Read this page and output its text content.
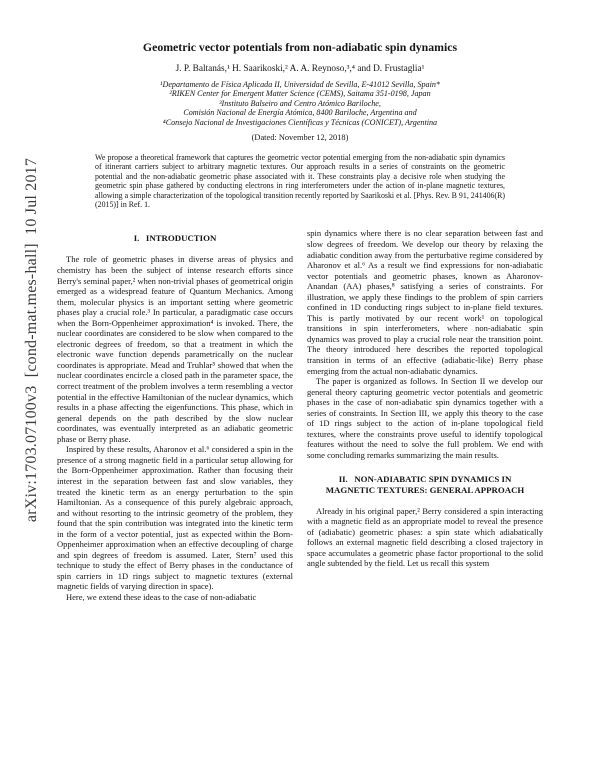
arXiv:1703.07100v3  [cond-mat.mes-hall]  10 Jul 2017
Geometric vector potentials from non-adiabatic spin dynamics
J. P. Baltanás,¹ H. Saarikoski,² A. A. Reynoso,³,⁴ and D. Frustaglia¹
¹Departamento de Física Aplicada II, Universidad de Sevilla, E-41012 Sevilla, Spain*
²RIKEN Center for Emergent Matter Science (CEMS), Saitama 351-0198, Japan
³Instituto Balseiro and Centro Atómico Bariloche,
Comisión Nacional de Energía Atómica, 8400 Bariloche, Argentina and
⁴Consejo Nacional de Investigaciones Científicas y Técnicas (CONICET), Argentina
(Dated: November 12, 2018)
We propose a theoretical framework that captures the geometric vector potential emerging from the non-adiabatic spin dynamics of itinerant carriers subject to arbitrary magnetic textures. Our approach results in a series of constraints on the geometric potential and the non-adiabatic geometric phase associated with it. These constraints play a decisive role when studying the geometric spin phase gathered by conducting electrons in ring interferometers under the action of in-plane magnetic textures, allowing a simple characterization of the topological transition recently reported by Saarikoski et al. [Phys. Rev. B 91, 241406(R) (2015)] in Ref. 1.
I.   INTRODUCTION

The role of geometric phases in diverse areas of physics and chemistry has been the subject of intense research efforts since Berry's seminal paper,² when non-trivial phases of geometrical origin emerged as a widespread feature of Quantum Mechanics. Among them, molecular physics is an important setting where geometric phases play a crucial role.³ In particular, a paradigmatic case occurs when the Born-Oppenheimer approximation⁴ is invoked. There, the nuclear coordinates are considered to be slow when compared to the electronic degrees of freedom, so that a treatment in which the electronic wave function depends parametrically on the nuclear coordinates is appropriate. Mead and Truhlar⁵ showed that when the nuclear coordinates encircle a closed path in the parameter space, the correct treatment of the problem involves a term resembling a vector potential in the effective Hamiltonian of the nuclear dynamics, which results in a phase affecting the eigenfunctions. This phase, which in general depends on the path described by the slow nuclear coordinates, was eventually interpreted as an adiabatic geometric phase or Berry phase.

Inspired by these results, Aharonov et al.⁶ considered a spin in the presence of a strong magnetic field in a particular setup allowing for the Born-Oppenheimer approximation. Rather than focusing their interest in the separation between fast and slow variables, they treated the kinetic term as an energy perturbation to the spin Hamiltonian. As a consequence of this purely algebraic approach, and without resorting to the intrinsic geometry of the problem, they found that the spin contribution was integrated into the kinetic term in the form of a vector potential, just as expected within the Born-Oppenheimer approximation when an effective decoupling of charge and spin degrees of freedom is assumed. Later, Stern⁷ used this technique to study the effect of Berry phases in the conductance of spin carriers in 1D rings subject to magnetic textures (external magnetic fields of varying direction in space).

Here, we extend these ideas to the case of non-adiabatic

spin dynamics where there is no clear separation between fast and slow degrees of freedom. We develop our theory by relaxing the adiabatic condition away from the perturbative regime considered by Aharonov et al.⁶ As a result we find expressions for non-adiabatic vector potentials and geometric phases, known as Aharonov-Anandan (AA) phases,⁸ satisfying a series of constraints. For illustration, we apply these findings to the problem of spin carriers confined in 1D conducting rings subject to in-plane field textures. This is partly motivated by our recent work¹ on topological transitions in spin interferometers, where non-adiabatic spin dynamics was proved to play a crucial role near the transition point. The theory introduced here describes the reported topological transition in terms of an effective (adiabatic-like) Berry phase emerging from the actual non-adiabatic dynamics.

The paper is organized as follows. In Section II we develop our general theory capturing geometric vector potentials and geometric phases in the case of non-adiabatic spin dynamics together with a series of constraints. In Section III, we apply this theory to the case of 1D rings subject to the action of in-plane topological field textures, where the constraints prove useful to identify topological features without the need to solve the full problem. We end with some concluding remarks summarizing the main results.

II.   NON-ADIABATIC SPIN DYNAMICS IN MAGNETIC TEXTURES: GENERAL APPROACH

Already in his original paper,² Berry considered a spin interacting with a magnetic field as an appropriate model to reveal the presence of (adiabatic) geometric phases: a spin state which adiabatically follows an external magnetic field describing a closed trajectory in space accumulates a geometric phase factor proportional to the solid angle subtended by the field. Let us recall this system
